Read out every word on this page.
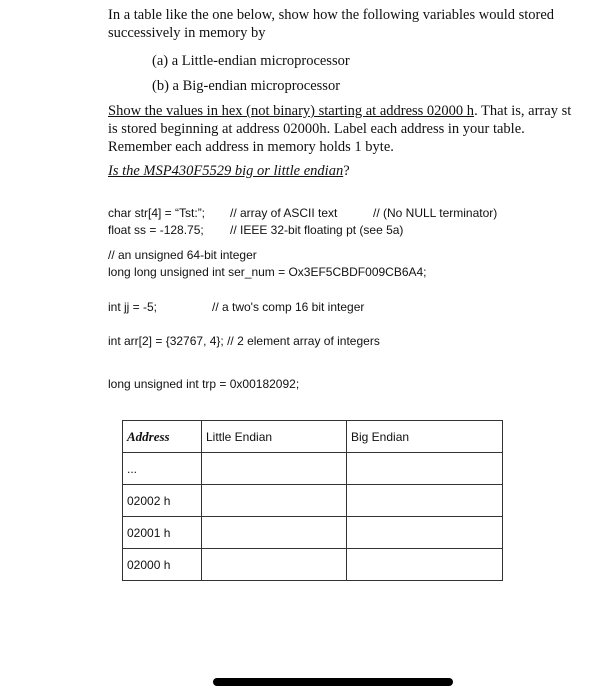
In a table like the one below, show how the following variables would stored
successively in memory by
(a) a Little-endian microprocessor
(b) a Big-endian microprocessor
Show the values in hex (not binary) starting at address 02000 h. That is, array st
is stored beginning at address 02000h. Label each address in your table.
Remember each address in memory holds 1 byte.
Is the MSP430F5529 big or little endian?
char str[4] = “Tst:”; // array of ASCII text	// (No NULL terminator)
float ss = -128.75; // IEEE 32-bit floating pt (see 5a)
// an unsigned 64-bit integer
long long unsigned int ser_num = Ox3EF5CBDF009CB6A4;
int jj = -5;	// a two's comp 16 bit integer
int arr[2] = {32767, 4}; // 2 element array of integers
long unsigned int trp = 0x00182092;
Address	Little Endian	Big Endian
...		
02002 h		
02001 h		
02000 h		
